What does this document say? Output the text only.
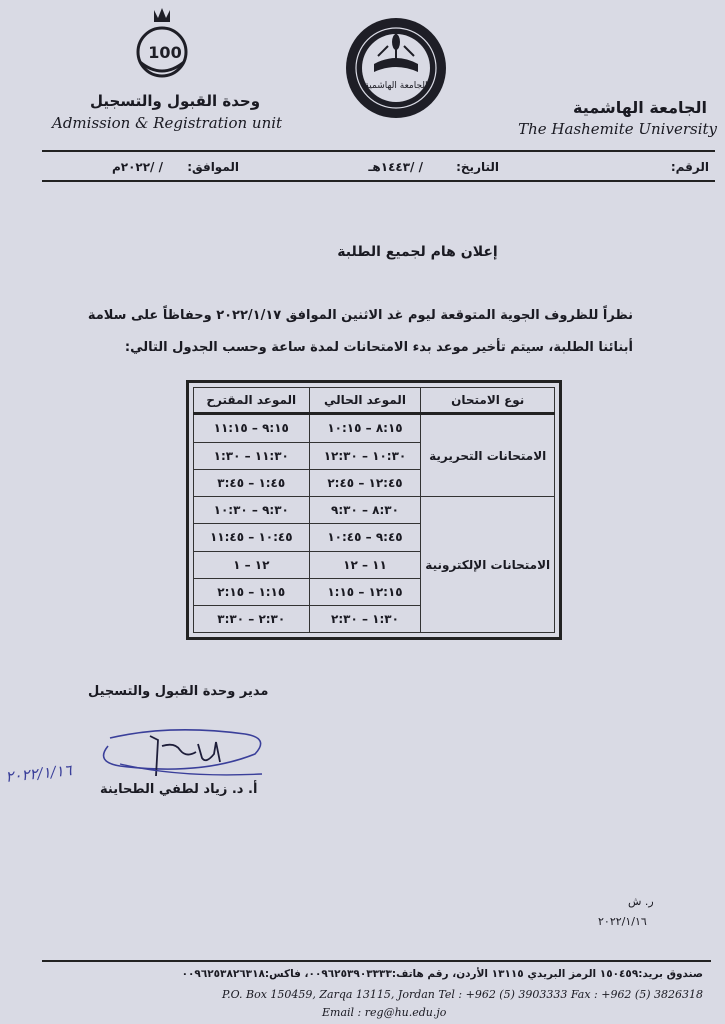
الجامعة الهاشمية
The Hashemite University
الجامعة الهاشمية
100
وحدة القبول والتسجيل
Admission & Registration unit
الرقم:
التاريخ:
/ /١٤٤٣هـ
الموافق:
/ /٢٠٢٢م
إعلان هام لجميع الطلبة
نظراً للظروف الجوية المتوقعة ليوم غد الاثنين الموافق ٢٠٢٢/١/١٧ وحفاظاً على سلامة
أبنائنا الطلبة، سيتم تأخير موعد بدء الامتحانات لمدة ساعة وحسب الجدول التالي:
نوع الامتحان	الموعد الحالي	الموعد المقترح
الامتحانات التحريرية	٨:١٥ – ١٠:١٥	٩:١٥ – ١١:١٥
	١٠:٣٠ – ١٢:٣٠	١١:٣٠ – ١:٣٠
	١٢:٤٥ – ٢:٤٥	١:٤٥ – ٣:٤٥
الامتحانات الإلكترونية	٨:٣٠ – ٩:٣٠	٩:٣٠ – ١٠:٣٠
	٩:٤٥ – ١٠:٤٥	١٠:٤٥ – ١١:٤٥
	١١ – ١٢	١٢ – ١
	١٢:١٥ – ١:١٥	١:١٥ – ٢:١٥
	١:٣٠ – ٢:٣٠	٢:٣٠ – ٣:٣٠
مدير وحدة القبول والتسجيل
٢٠٢٢/١/١٦
أ. د. زياد لطفي الطحاينة
ر. ش
٢٠٢٢/١/١٦
صندوق بريد:١٥٠٤٥٩ الرمز البريدي ١٣١١٥ الأردن، رقم هاتف:٠٠٩٦٢٥٣٩٠٣٣٣٣، فاكس:٠٠٩٦٢٥٣٨٢٦٣١٨
P.O. Box 150459, Zarqa 13115, Jordan Tel : +962 (5) 3903333 Fax : +962 (5) 3826318
Email : reg@hu.edu.jo
